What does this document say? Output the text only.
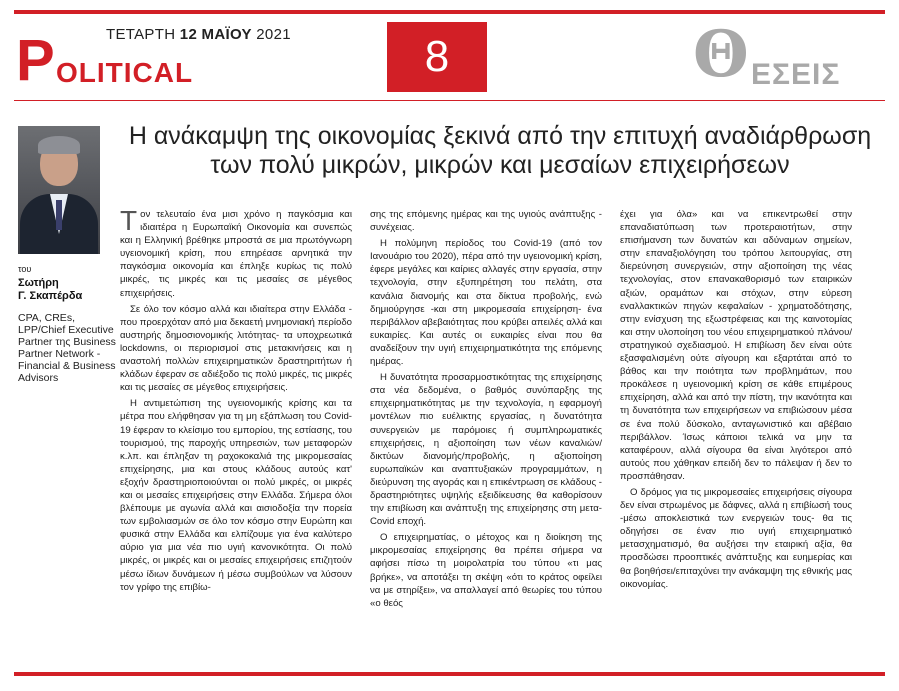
ΤΕΤΑΡΤΗ 12 ΜΑΪΟΥ 2021
P OLITICAL	8	Θ ΕΣΕΙΣ
του
Σωτήρη
Γ. Σκαπέρδα
CPA, CREs, LPP/Chief Executive Partner της Business Partner Network - Financial & Business Advisors
Η ανάκαμψη της οικονομίας ξεκινά από την επιτυχή αναδιάρθρωση
των πολύ μικρών, μικρών και μεσαίων επιχειρήσεων

Τον τελευταίο ένα μισι χρόνο η παγκόσμια και ιδιαιτέρα η Ευρωπαϊκή Οικονομία και συνεπώς και η Ελληνική βρέθηκε μπροστά σε μια πρωτόγνωρη υγειονομική κρίση, που επηρέασε αρνητικά την παγκόσμια οικονομία και έπληξε κυρίως τις πολύ μικρές, τις μικρές και τις μεσαίες σε μέγεθος επιχειρήσεις.

Σε όλο τον κόσμο αλλά και ιδιαίτερα στην Ελλάδα - που προερχόταν από μια δεκαετή μνημονιακή περίοδο αυστηρής δημοσιονομικής λιτότητας- τα υποχρεωτικά lockdowns, οι περιορισμοί στις μετακινήσεις και η αναστολή πολλών επιχειρηματικών δραστηριτήτων ή κλάδων έφεραν σε αδιέξοδο τις πολύ μικρές, τις μικρές και τις μεσαίες σε μέγεθος επιχειρήσεις.

Η αντιμετώπιση της υγειονομικής κρίσης και τα μέτρα που ελήφθησαν για τη μη εξάπλωση του Covid-19 έφεραν το κλείσιμο του εμπορίου, της εστίασης, του τουρισμού, της παροχής υπηρεσιών, των μεταφορών κ.λπ. και έπληξαν τη ραχοκοκαλιά της μικρομεσαίας επιχείρησης, μια και στους κλάδους αυτούς κατ' εξοχήν δραστηριοποιούνται οι πολύ μικρές, οι μικρές και οι μεσαίες επιχειρήσεις στην Ελλάδα. Σήμερα όλοι βλέπουμε με αγωνία αλλά και αισιοδοξία την πορεία των εμβολιασμών σε όλο τον κόσμο στην Ευρώπη και φυσικά στην Ελλάδα και ελπίζουμε για ένα καλύτερο αύριο για μια νέα πιο υγιή κανονικότητα. Οι πολύ μικρές, οι μικρές και οι μεσαίες επιχειρήσεις επιζητούν μέσω ίδιων δυνάμεων ή μέσω συμβούλων να λύσουν τον γρίφο της επιβίω-

σης της επόμενης ημέρας και της υγιούς ανάπτυξης - συνέχειας.

Η πολύμηνη περίοδος του Covid-19 (από τον Ιανουάριο του 2020), πέρα από την υγειονομική κρίση, έφερε μεγάλες και καίριες αλλαγές στην εργασία, στην τεχνολογία, στην εξυπηρέτηση του πελάτη, στα κανάλια διανομής και στα δίκτυα προβολής, ενώ δημιούργησε -και στη μικρομεσαία επιχείρηση- ένα περιβάλλον αβεβαιότητας που κρύβει απειλές αλλά και ευκαιρίες. Και αυτές οι ευκαιρίες είναι που θα αναδείξουν την υγιή επιχειρηματικότητα της επόμενης ημέρας.

Η δυνατότητα προσαρμοστικότητας της επιχείρησης στα νέα δεδομένα, ο βαθμός συνύπαρξης της επιχειρηματικότητας με την τεχνολογία, η εφαρμογή μοντέλων πιο ευέλικτης εργασίας, η δυνατότητα συνεργειών με παρόμοιες ή συμπληρωματικές επιχειρήσεις, η αξιοποίηση των νέων καναλιών/δικτύων διανομής/προβολής, η αξιοποίηση ευρωπαϊκών και αναπτυξιακών προγραμμάτων, η διεύρυνση της αγοράς και η επικέντρωση σε κλάδους - δραστηριότητες υψηλής εξειδίκευσης θα καθορίσουν την επιβίωση και ανάπτυξη της επιχείρησης στη μετα-Covid εποχή.

Ο επιχειρηματίας, ο μέτοχος και η διοίκηση της μικρομεσαίας επιχείρησης θα πρέπει σήμερα να αφήσει πίσω τη μοιρολατρία του τύπου «τι μας βρήκε», να αποτάξει τη σκέψη «ότι το κράτος οφείλει να με στηρίξει», να απαλλαγεί από θεωρίες του τύπου «ο θεός

έχει για όλα» και να επικεντρωθεί στην επαναδιατύπωση των προτεραιοτήτων, στην επισήμανση των δυνατών και αδύναμων σημείων, στην επαναξιολόγηση του τρόπου λειτουργίας, στη διερεύνηση συνεργειών, στην αξιοποίηση της νέας τεχνολογίας, στον επανακαθορισμό των εταιρικών αξιών, οραμάτων και στόχων, στην εύρεση εναλλακτικών πηγών κεφαλαίων - χρηματοδότησης, στην ενίσχυση της εξωστρέφειας και της καινοτομίας και στην υλοποίηση του νέου επιχειρηματικού πλάνου/στρατηγικού σχεδιασμού. Η επιβίωση δεν είναι ούτε εξασφαλισμένη ούτε σίγουρη και εξαρτάται από το βάθος και την ποιότητα των προβλημάτων, που προκάλεσε η υγειονομική κρίση σε κάθε επιμέρους επιχείρηση, αλλά και από την πίστη, την ικανότητα και τη δυνατότητα των επιχειρήσεων να επιβιώσουν μέσα σε ένα πολύ δύσκολο, ανταγωνιστικό και αβέβαιο περιβάλλον. Ίσως κάποιοι τελικά να μην τα καταφέρουν, αλλά σίγουρα θα είναι λιγότεροι από αυτούς που χάθηκαν επειδή δεν το πάλεψαν ή δεν το προσπάθησαν.

Ο δρόμος για τις μικρομεσαίες επιχειρήσεις σίγουρα δεν είναι στρωμένος με δάφνες, αλλά η επιβίωσή τους -μέσω αποκλειστικά των ενεργειών τους- θα τις οδηγήσει σε έναν πιο υγιή επιχειρηματικό μετασχηματισμό, θα αυξήσει την εταιρική αξία, θα προσδώσει προοπτικές ανάπτυξης και ευημερίας και θα βοηθήσει/επιταχύνει την ανάκαμψη της εθνικής μας οικονομίας.
